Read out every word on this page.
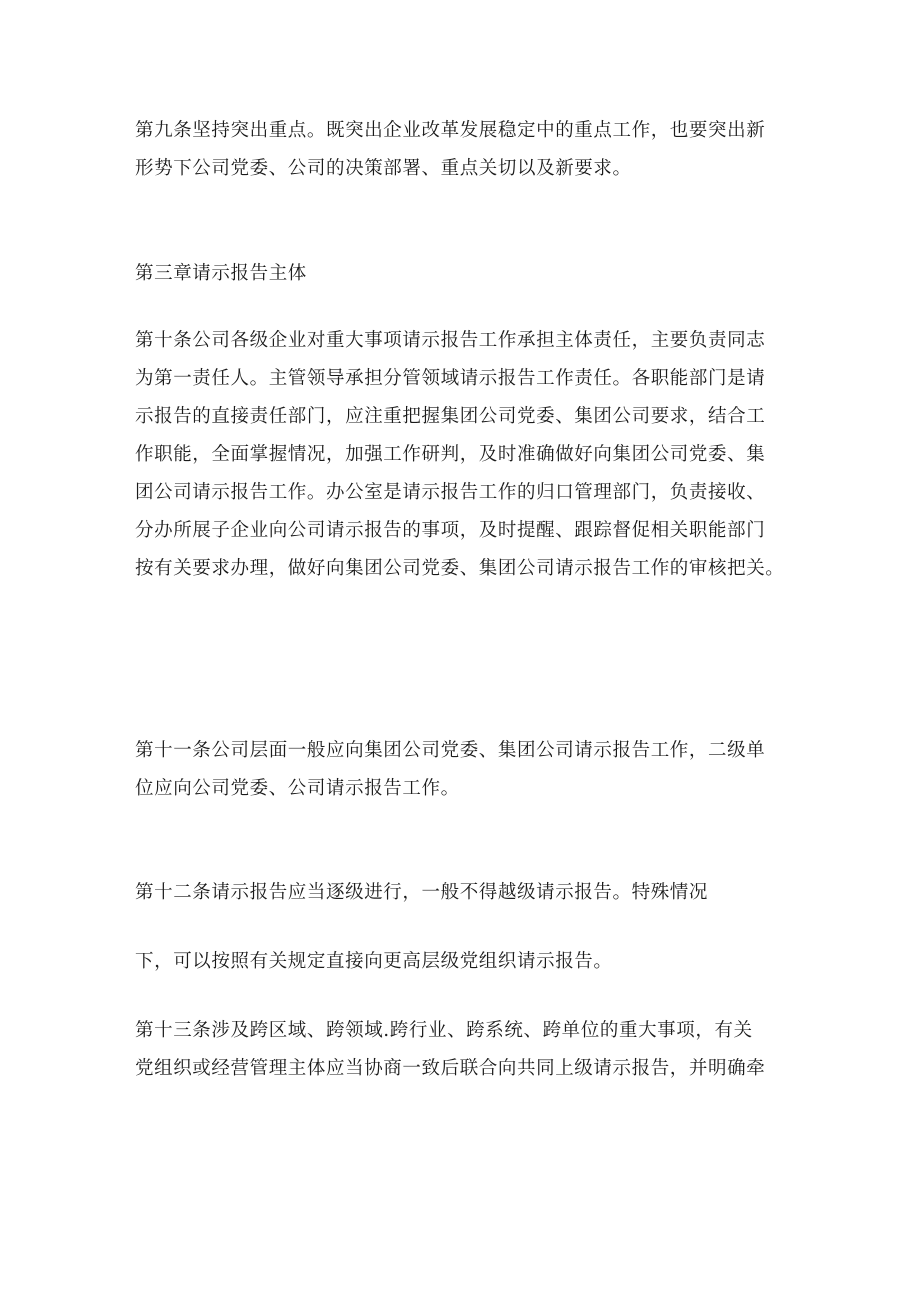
第九条坚持突出重点。既突出企业改革发展稳定中的重点工作，也要突出新
形势下公司党委、公司的决策部署、重点关切以及新要求。
第三章请示报告主体
第十条公司各级企业对重大事项请示报告工作承担主体责任，主要负责同志
为第一责任人。主管领导承担分管领域请示报告工作责任。各职能部门是请
示报告的直接责任部门，应注重把握集团公司党委、集团公司要求，结合工
作职能，全面掌握情况，加强工作研判，及时准确做好向集团公司党委、集
团公司请示报告工作。办公室是请示报告工作的归口管理部门，负责接收、
分办所展子企业向公司请示报告的事项，及时提醒、跟踪督促相关职能部门
按有关要求办理，做好向集团公司党委、集团公司请示报告工作的审核把关。
第十一条公司层面一般应向集团公司党委、集团公司请示报告工作，二级单
位应向公司党委、公司请示报告工作。
第十二条请示报告应当逐级进行，一般不得越级请示报告。特殊情况
下，可以按照有关规定直接向更高层级党组织请示报告。
第十三条涉及跨区域、跨领域.跨行业、跨系统、跨单位的重大事项，有关
党组织或经营管理主体应当协商一致后联合向共同上级请示报告，并明确牵
